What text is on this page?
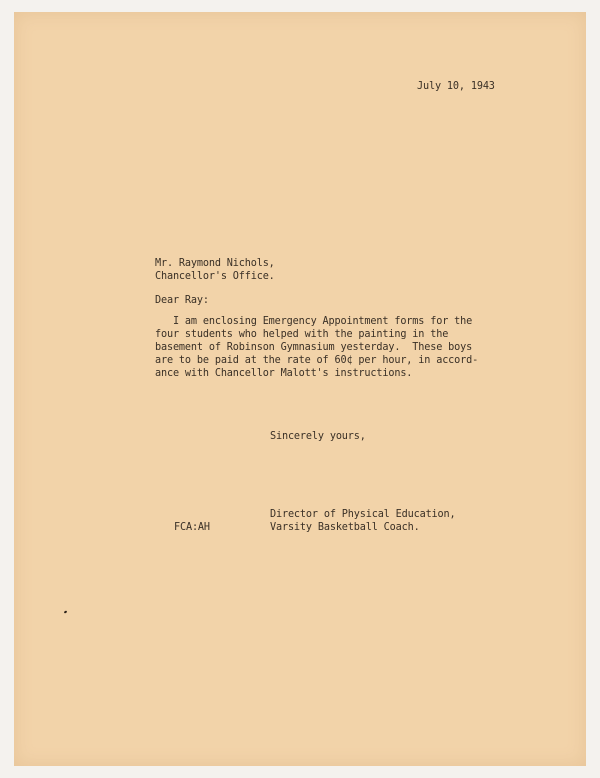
July 10, 1943
Mr. Raymond Nichols,
Chancellor's Office.
Dear Ray:
I am enclosing Emergency Appointment forms for the
four students who helped with the painting in the
basement of Robinson Gymnasium yesterday.  These boys
are to be paid at the rate of 60¢ per hour, in accord-
ance with Chancellor Malott's instructions.
Sincerely yours,
Director of Physical Education,
Varsity Basketball Coach.
FCA:AH
